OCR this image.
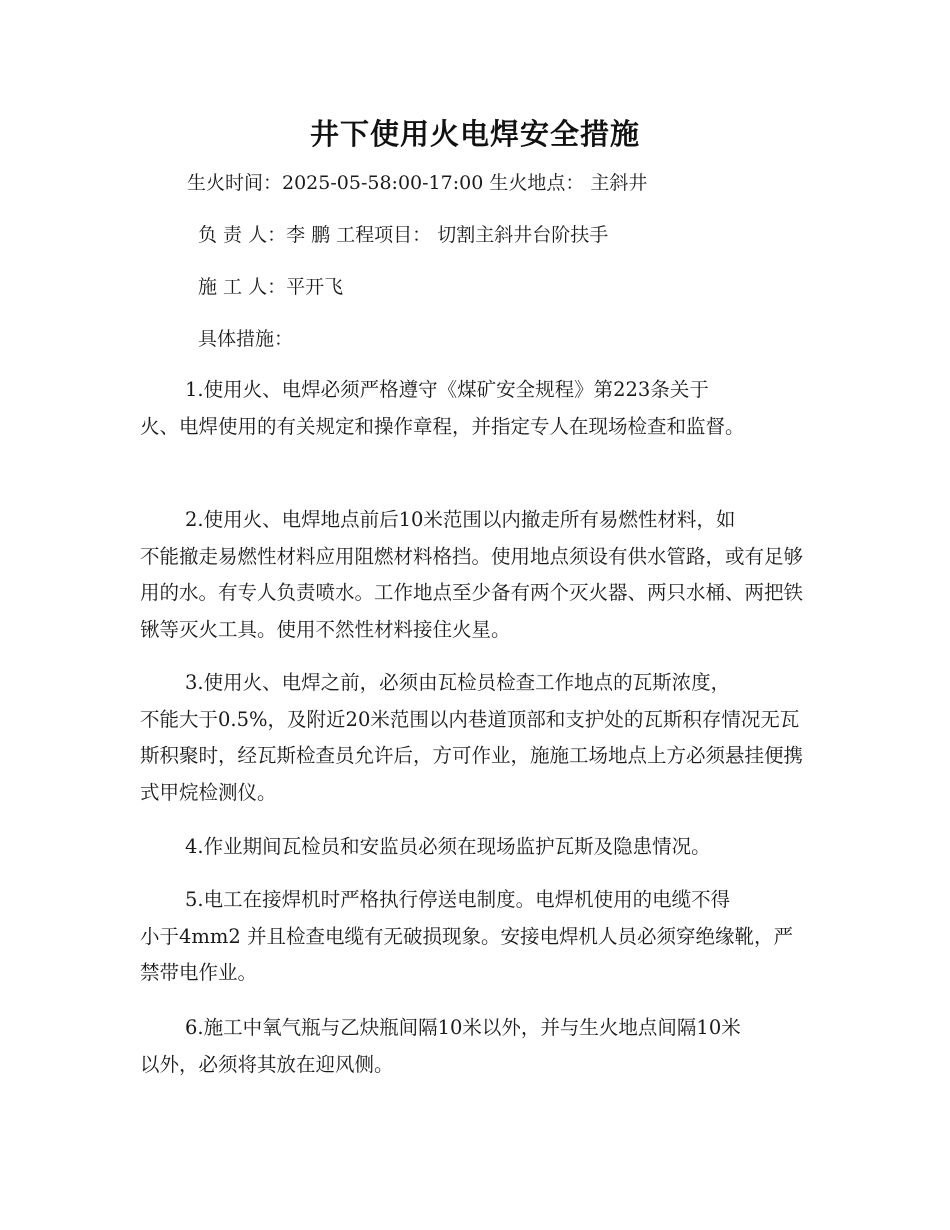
井下使用火电焊安全措施
生火时间：2025-05-58:00-17:00 生火地点： 主斜井
负 责 人：李 鹏 工程项目： 切割主斜井台阶扶手
施 工 人：平开飞
具体措施：
1.使用火、电焊必须严格遵守《煤矿安全规程》第223条关于
火、电焊使用的有关规定和操作章程，并指定专人在现场检查和监督。
2.使用火、电焊地点前后10米范围以内撤走所有易燃性材料，如
不能撤走易燃性材料应用阻燃材料格挡。使用地点须设有供水管路，或有足够用的水。有专人负责喷水。工作地点至少备有两个灭火器、两只水桶、两把铁锹等灭火工具。使用不然性材料接住火星。
3.使用火、电焊之前，必须由瓦检员检查工作地点的瓦斯浓度，
不能大于0.5%，及附近20米范围以内巷道顶部和支护处的瓦斯积存情况无瓦斯积聚时，经瓦斯检查员允许后，方可作业，施施工场地点上方必须悬挂便携式甲烷检测仪。
4.作业期间瓦检员和安监员必须在现场监护瓦斯及隐患情况。
5.电工在接焊机时严格执行停送电制度。电焊机使用的电缆不得
小于4mm2 并且检查电缆有无破损现象。安接电焊机人员必须穿绝缘靴，严禁带电作业。
6.施工中氧气瓶与乙炔瓶间隔10米以外，并与生火地点间隔10米
以外，必须将其放在迎风侧。
